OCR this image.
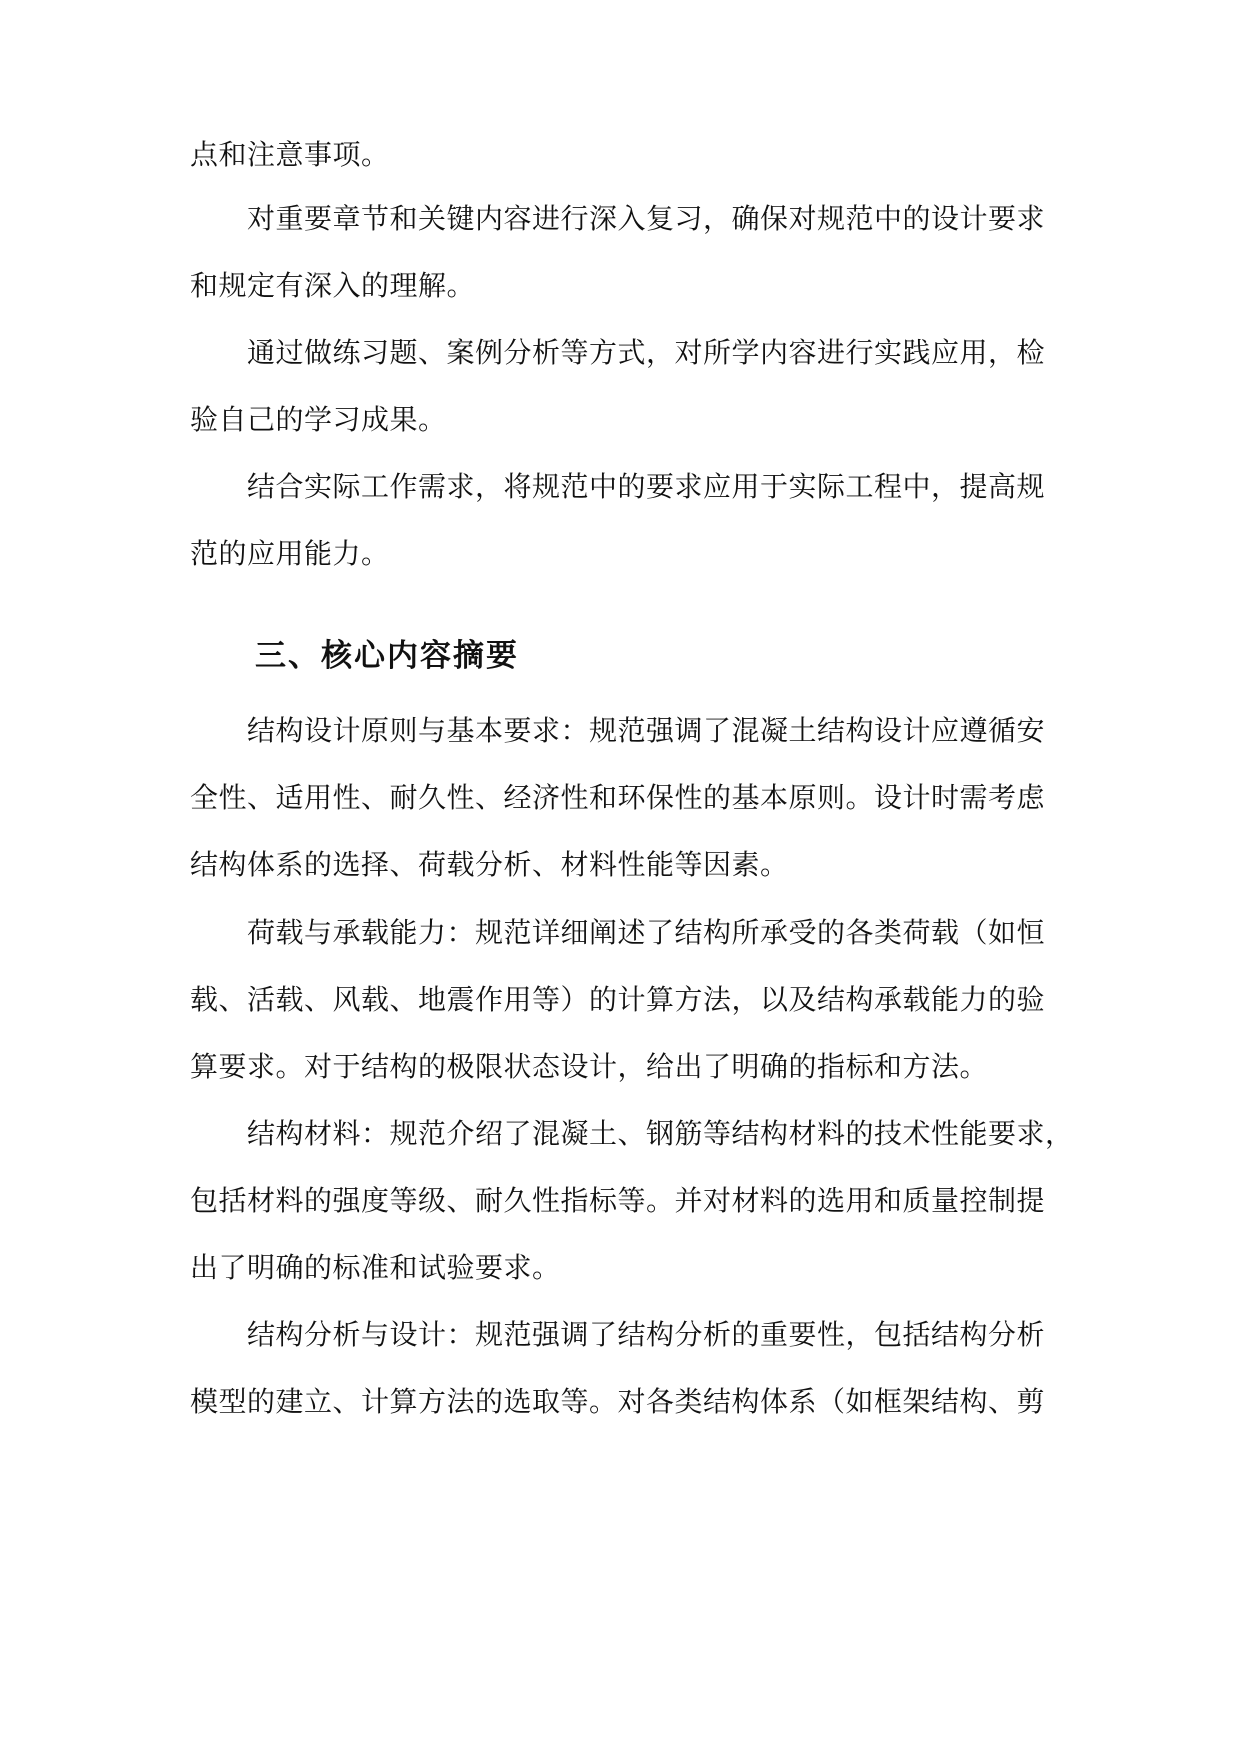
点和注意事项。

对重要章节和关键内容进行深入复习，确保对规范中的设计要求

和规定有深入的理解。

通过做练习题、案例分析等方式，对所学内容进行实践应用，检

验自己的学习成果。

结合实际工作需求，将规范中的要求应用于实际工程中，提高规

范的应用能力。

三、核心内容摘要

结构设计原则与基本要求：规范强调了混凝土结构设计应遵循安

全性、适用性、耐久性、经济性和环保性的基本原则。设计时需考虑

结构体系的选择、荷载分析、材料性能等因素。

荷载与承载能力：规范详细阐述了结构所承受的各类荷载（如恒

载、活载、风载、地震作用等）的计算方法，以及结构承载能力的验

算要求。对于结构的极限状态设计，给出了明确的指标和方法。

结构材料：规范介绍了混凝土、钢筋等结构材料的技术性能要求，

包括材料的强度等级、耐久性指标等。并对材料的选用和质量控制提

出了明确的标准和试验要求。

结构分析与设计：规范强调了结构分析的重要性，包括结构分析

模型的建立、计算方法的选取等。对各类结构体系（如框架结构、剪
